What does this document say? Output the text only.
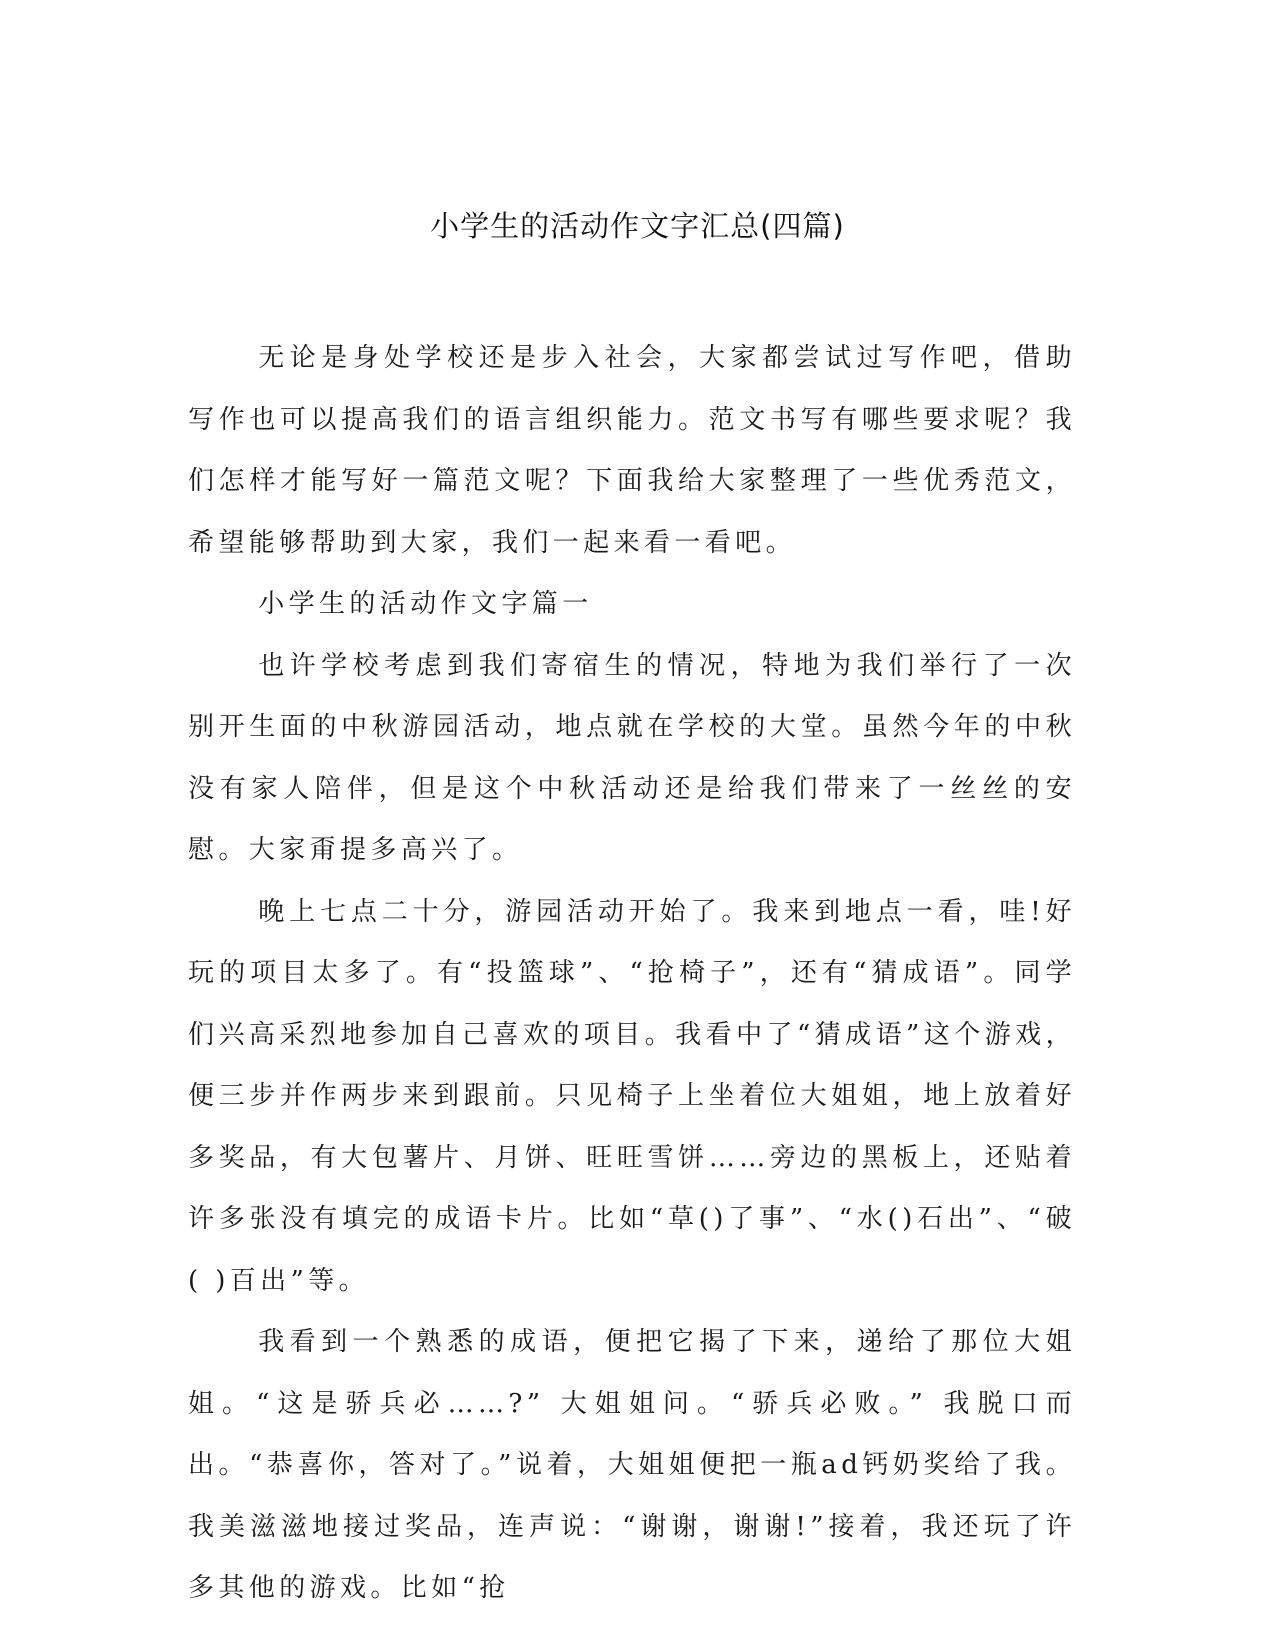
小学生的活动作文字汇总(四篇)

无论是身处学校还是步入社会，大家都尝试过写作吧，借助写作也可以提高我们的语言组织能力。范文书写有哪些要求呢？我们怎样才能写好一篇范文呢？下面我给大家整理了一些优秀范文，希望能够帮助到大家，我们一起来看一看吧。

小学生的活动作文字篇一

也许学校考虑到我们寄宿生的情况，特地为我们举行了一次别开生面的中秋游园活动，地点就在学校的大堂。虽然今年的中秋没有家人陪伴，但是这个中秋活动还是给我们带来了一丝丝的安慰。大家甭提多高兴了。

晚上七点二十分，游园活动开始了。我来到地点一看，哇!好玩的项目太多了。有“投篮球”、“抢椅子”，还有“猜成语”。同学们兴高采烈地参加自己喜欢的项目。我看中了“猜成语”这个游戏，便三步并作两步来到跟前。只见椅子上坐着位大姐姐，地上放着好多奖品，有大包薯片、月饼、旺旺雪饼……旁边的黑板上，还贴着许多张没有填完的成语卡片。比如“草()了事”、“水()石出”、“破( )百出”等。

我看到一个熟悉的成语，便把它揭了下来，递给了那位大姐姐。“这是骄兵必……?” 大姐姐问。“骄兵必败。” 我脱口而出。“恭喜你，答对了。”说着，大姐姐便把一瓶ad钙奶奖给了我。我美滋滋地接过奖品，连声说：“谢谢，谢谢!”接着，我还玩了许多其他的游戏。比如“抢
